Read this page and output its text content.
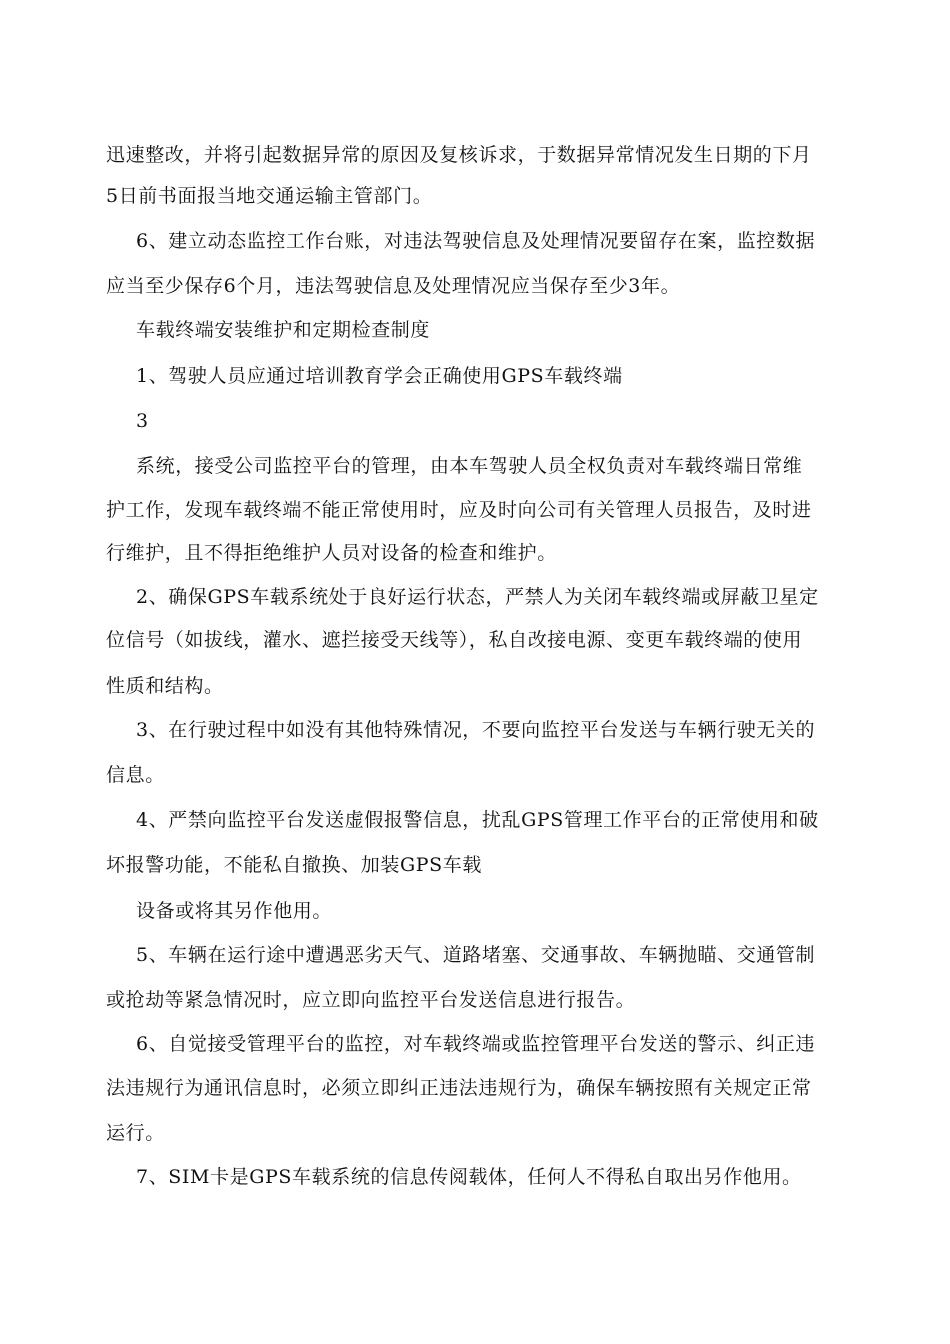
迅速整改，并将引起数据异常的原因及复核诉求，于数据异常情况发生日期的下月
5日前书面报当地交通运输主管部门。
6、建立动态监控工作台账，对违法驾驶信息及处理情况要留存在案，监控数据
应当至少保存6个月，违法驾驶信息及处理情况应当保存至少3年。
车载终端安装维护和定期检查制度
1、驾驶人员应通过培训教育学会正确使用GPS车载终端
3
系统，接受公司监控平台的管理，由本车驾驶人员全权负责对车载终端日常维
护工作，发现车载终端不能正常使用时，应及时向公司有关管理人员报告，及时进
行维护，且不得拒绝维护人员对设备的检查和维护。
2、确保GPS车载系统处于良好运行状态，严禁人为关闭车载终端或屏蔽卫星定
位信号（如拔线，灌水、遮拦接受天线等），私自改接电源、变更车载终端的使用
性质和结构。
3、在行驶过程中如没有其他特殊情况，不要向监控平台发送与车辆行驶无关的
信息。
4、严禁向监控平台发送虚假报警信息，扰乱GPS管理工作平台的正常使用和破
坏报警功能，不能私自撤换、加装GPS车载
设备或将其另作他用。
5、车辆在运行途中遭遇恶劣天气、道路堵塞、交通事故、车辆抛瞄、交通管制
或抢劫等紧急情况时，应立即向监控平台发送信息进行报告。
6、自觉接受管理平台的监控，对车载终端或监控管理平台发送的警示、纠正违
法违规行为通讯信息时，必须立即纠正违法违规行为，确保车辆按照有关规定正常
运行。
7、SIM卡是GPS车载系统的信息传阅载体，任何人不得私自取出另作他用。
